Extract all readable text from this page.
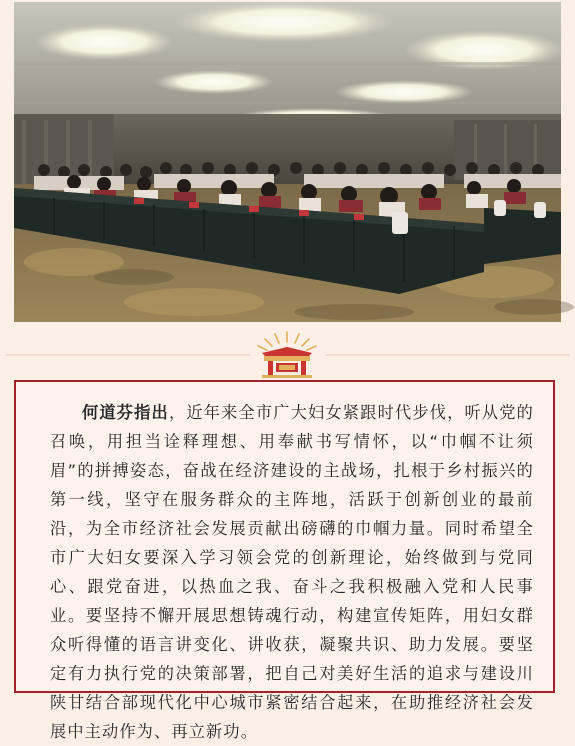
何道芬指出，近年来全市广大妇女紧跟时代步伐，听从党的召唤，用担当诠释理想、用奉献书写情怀，以“巾帼不让须眉”的拼搏姿态，奋战在经济建设的主战场，扎根于乡村振兴的第一线，坚守在服务群众的主阵地，活跃于创新创业的最前沿，为全市经济社会发展贡献出磅礴的巾帼力量。同时希望全市广大妇女要深入学习领会党的创新理论，始终做到与党同心、跟党奋进，以热血之我、奋斗之我积极融入党和人民事业。要坚持不懈开展思想铸魂行动，构建宣传矩阵，用妇女群众听得懂的语言讲变化、讲收获，凝聚共识、助力发展。要坚定有力执行党的决策部署，把自己对美好生活的追求与建设川陕甘结合部现代化中心城市紧密结合起来，在助推经济社会发展中主动作为、再立新功。
